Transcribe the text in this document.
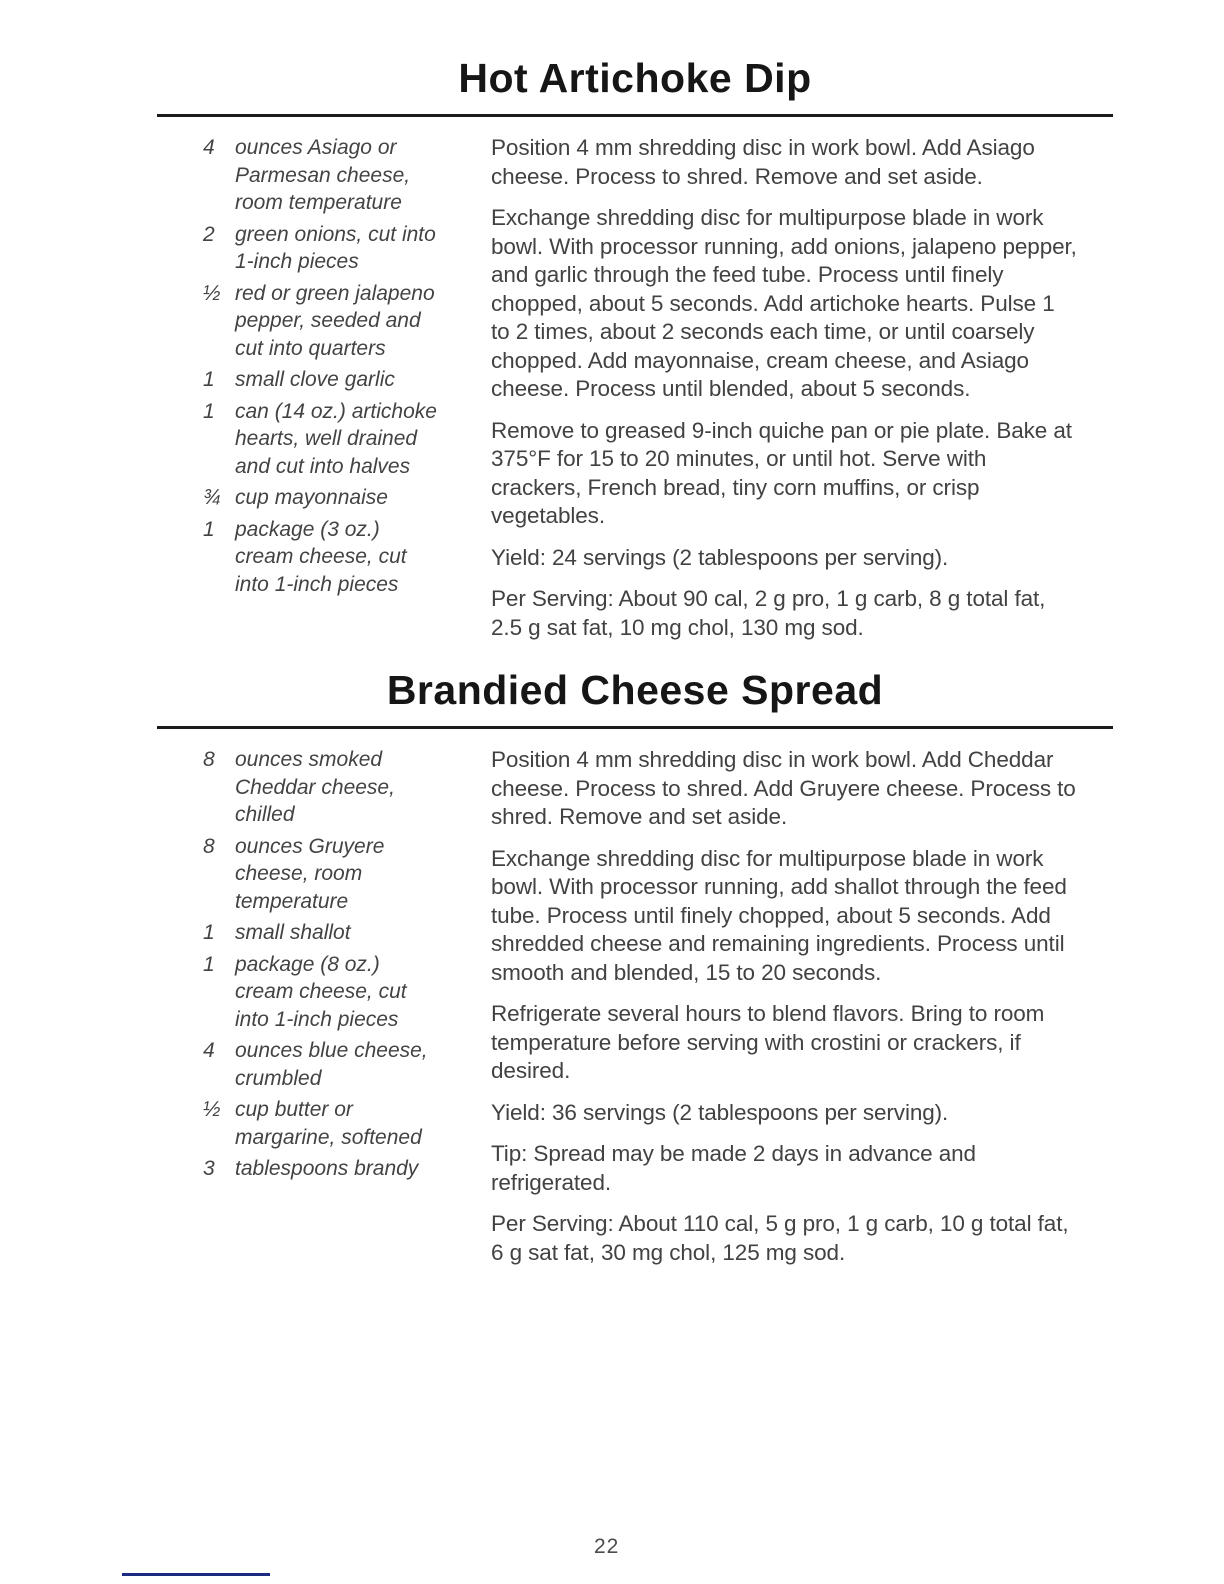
Hot Artichoke Dip
4 ounces Asiago or Parmesan cheese, room temperature
2 green onions, cut into 1-inch pieces
½ red or green jalapeno pepper, seeded and cut into quarters
1 small clove garlic
1 can (14 oz.) artichoke hearts, well drained and cut into halves
¾ cup mayonnaise
1 package (3 oz.) cream cheese, cut into 1-inch pieces

Position 4 mm shredding disc in work bowl. Add Asiago cheese. Process to shred. Remove and set aside.

Exchange shredding disc for multipurpose blade in work bowl. With processor running, add onions, jalapeno pepper, and garlic through the feed tube. Process until finely chopped, about 5 seconds. Add artichoke hearts. Pulse 1 to 2 times, about 2 seconds each time, or until coarsely chopped. Add mayonnaise, cream cheese, and Asiago cheese. Process until blended, about 5 seconds.

Remove to greased 9-inch quiche pan or pie plate. Bake at 375°F for 15 to 20 minutes, or until hot. Serve with crackers, French bread, tiny corn muffins, or crisp vegetables.

Yield: 24 servings (2 tablespoons per serving).

Per Serving: About 90 cal, 2 g pro, 1 g carb, 8 g total fat, 2.5 g sat fat, 10 mg chol, 130 mg sod.

Brandied Cheese Spread
8 ounces smoked Cheddar cheese, chilled
8 ounces Gruyere cheese, room temperature
1 small shallot
1 package (8 oz.) cream cheese, cut into 1-inch pieces
4 ounces blue cheese, crumbled
½ cup butter or margarine, softened
3 tablespoons brandy

Position 4 mm shredding disc in work bowl. Add Cheddar cheese. Process to shred. Add Gruyere cheese. Process to shred. Remove and set aside.

Exchange shredding disc for multipurpose blade in work bowl. With processor running, add shallot through the feed tube. Process until finely chopped, about 5 seconds. Add shredded cheese and remaining ingredients. Process until smooth and blended, 15 to 20 seconds.

Refrigerate several hours to blend flavors. Bring to room temperature before serving with crostini or crackers, if desired.

Yield: 36 servings (2 tablespoons per serving).

Tip: Spread may be made 2 days in advance and refrigerated.

Per Serving: About 110 cal, 5 g pro, 1 g carb, 10 g total fat, 6 g sat fat, 30 mg chol, 125 mg sod.

22
